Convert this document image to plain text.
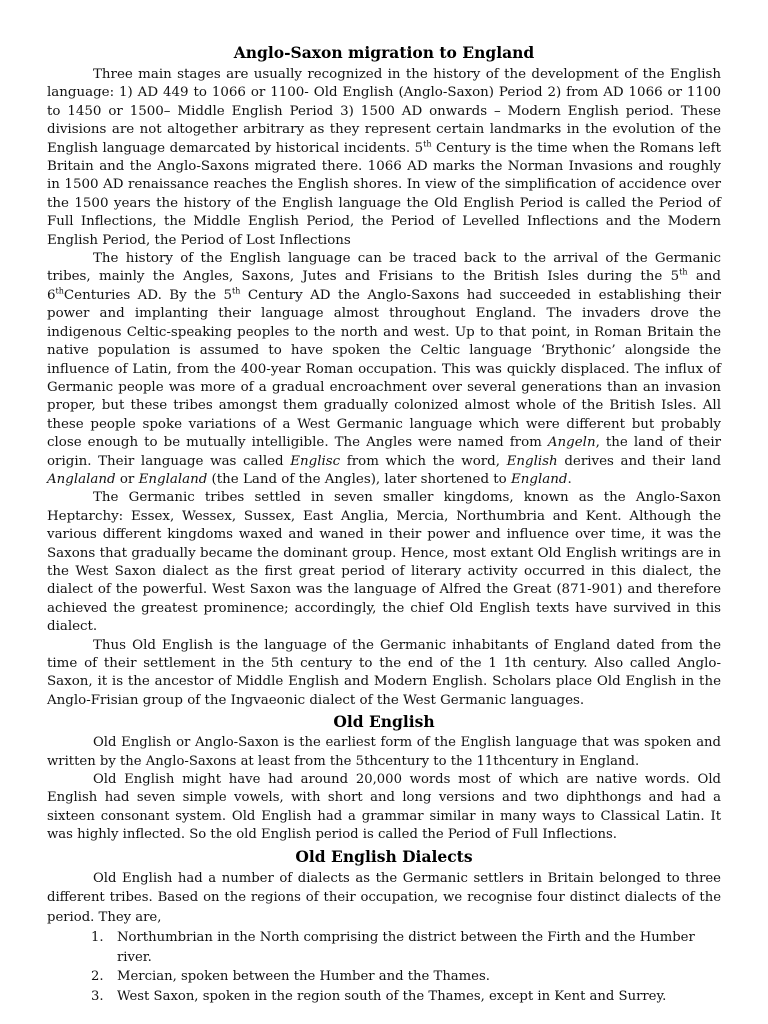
Anglo-Saxon migration to England

Three main stages are usually recognized in the history of the development of the English language: 1) AD 449 to 1066 or 1100- Old English (Anglo-Saxon) Period 2) from AD 1066 or 1100 to 1450 or 1500– Middle English Period 3) 1500 AD onwards – Modern English period. These divisions are not altogether arbitrary as they represent certain landmarks in the evolution of the English language demarcated by historical incidents. 5th Century is the time when the Romans left Britain and the Anglo-Saxons migrated there. 1066 AD marks the Norman Invasions and roughly in 1500 AD renaissance reaches the English shores. In view of the simplification of accidence over the 1500 years the history of the English language the Old English Period is called the Period of Full Inflections, the Middle English Period, the Period of Levelled Inflections and the Modern English Period, the Period of Lost Inflections

The history of the English language can be traced back to the arrival of the Germanic tribes, mainly the Angles, Saxons, Jutes and Frisians to the British Isles during the 5th and 6thCenturies AD. By the 5th Century AD the Anglo-Saxons had succeeded in establishing their power and implanting their language almost throughout England. The invaders drove the indigenous Celtic-speaking peoples to the north and west. Up to that point, in Roman Britain the native population is assumed to have spoken the Celtic language ‘Brythonic’ alongside the influence of Latin, from the 400-year Roman occupation. This was quickly displaced. The influx of Germanic people was more of a gradual encroachment over several generations than an invasion proper, but these tribes amongst them gradually colonized almost whole of the British Isles. All these people spoke variations of a West Germanic language which were different but probably close enough to be mutually intelligible. The Angles were named from Angeln, the land of their origin. Their language was called Englisc from which the word, English derives and their land Anglaland or Englaland (the Land of the Angles), later shortened to England.

The Germanic tribes settled in seven smaller kingdoms, known as the Anglo-Saxon Heptarchy: Essex, Wessex, Sussex, East Anglia, Mercia, Northumbria and Kent. Although the various different kingdoms waxed and waned in their power and influence over time, it was the Saxons that gradually became the dominant group. Hence, most extant Old English writings are in the West Saxon dialect as the first great period of literary activity occurred in this dialect, the dialect of the powerful. West Saxon was the language of Alfred the Great (871-901) and therefore achieved the greatest prominence; accordingly, the chief Old English texts have survived in this dialect.

Thus Old English is the language of the Germanic inhabitants of England dated from the time of their settlement in the 5th century to the end of the 1 1th century. Also called Anglo-Saxon, it is the ancestor of Middle English and Modern English. Scholars place Old English in the Anglo-Frisian group of the Ingvaeonic dialect of the West Germanic languages.

Old English

Old English or Anglo-Saxon is the earliest form of the English language that was spoken and written by the Anglo-Saxons at least from the 5thcentury to the 11thcentury in England.

Old English might have had around 20,000 words most of which are native words. Old English had seven simple vowels, with short and long versions and two diphthongs and had a sixteen consonant system. Old English had a grammar similar in many ways to Classical Latin. It was highly inflected. So the old English period is called the Period of Full Inflections.

Old English Dialects

Old English had a number of dialects as the Germanic settlers in Britain belonged to three different tribes. Based on the regions of their occupation, we recognise four distinct dialects of the period. They are,

1. Northumbrian in the North comprising the district between the Firth and the Humber river.
2. Mercian, spoken between the Humber and the Thames.
3. West Saxon, spoken in the region south of the Thames, except in Kent and Surrey.
